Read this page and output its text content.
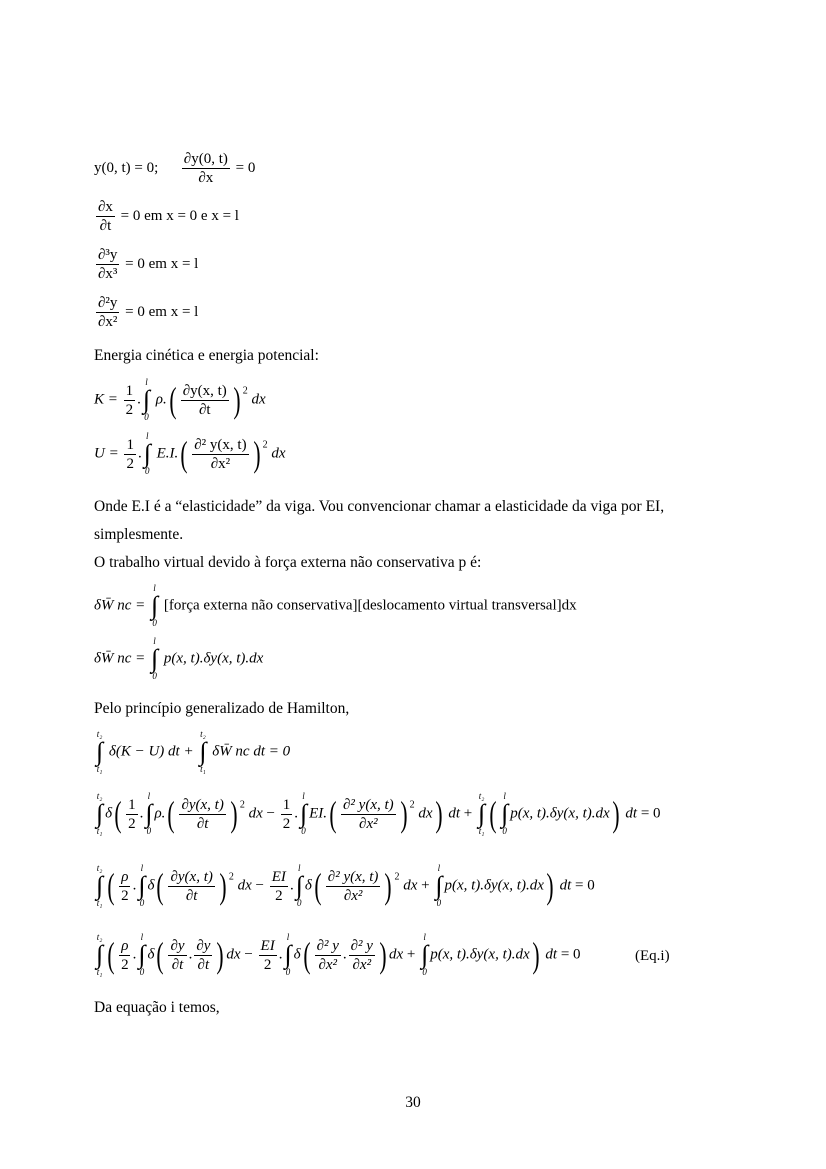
y(0, t) = 0; $\frac{\partial y(0, t)}{\partial x} = 0$
$\frac{\partial x}{\partial t} = 0$ em x = 0 e x = l
$\frac{\text{∂³y}}{\text{∂x³}} = 0$ em x = l
$\frac{\text{∂²y}}{\text{∂x²}} = 0$ em x = l
Energia cinética e energia potencial:
$K = \frac{1}{2}$ .
l
∫
0
$\rho.( \frac{\partial y(x, t)}{\partial t}$ ) $^2$ dx
$U = \frac{1}{2}$ .
l
∫
0
$E.I.( \frac{\text{∂² y(x, t)}}{\text{∂x²}}$ ) $^2$ dx
Onde E.I é a “elasticidade” da viga. Vou convencionar chamar a elasticidade da viga por EI,
simplesmente.
O trabalho virtual devido à força externa não conservativa p é:
δW̄ nc =
l
∫
0
[força externa não conservativa][deslocamento virtual transversal]dx
δW̄ nc =
l
∫
0
p(x, t).δy(x, t).dx
Pelo princípio generalizado de Hamilton,
t₂
∫
t₁
δ(K − U) dt +
t₂
∫
t₁
δW̄ nc dt = 0
t₂
∫
t₁
$\delta( \frac{1}{2}$ .
l
∫
0
$\rho.( \frac{\partial y(x, t)}{\partial t}$ ) $^2$ dx − $\frac{1}{2}$ .
l
∫
0
$EI.( \frac{\text{∂² y(x, t)}}{\text{∂x²}}$ ) $^2$ dx) dt +
t₂
∫
t₁ ( l
∫
0
p(x, t).δy(x, t).dx) dt = 0
t₂
∫
t₁ ( $\frac{\rho}{2}$ .
l
∫
0
$\delta( \frac{\partial y(x, t)}{\partial t}$ ) $^2$ dx − $\frac{EI}{2}$ .
l
∫
0
$\delta( \frac{\text{∂² y(x, t)}}{\text{∂x²}}$ ) $^2$ dx +
l
∫
0
p(x, t).δy(x, t).dx) dt = 0
t₂
∫
t₁ ( $\frac{\rho}{2}$ .
l
∫
0
$\delta( \frac{\partial y}{\partial t}$ . $\frac{\partial y}{\partial t}$ ) dx − $\frac{EI}{2}$ .
l
∫
0
$\delta( \frac{\text{∂² y}}{\text{∂x²}}$ . $\frac{\text{∂² y}}{\text{∂x²}}$ ) dx +
l
∫
0
p(x, t).δy(x, t).dx) dt = 0	(Eq.i)
Da equação i temos,
30
